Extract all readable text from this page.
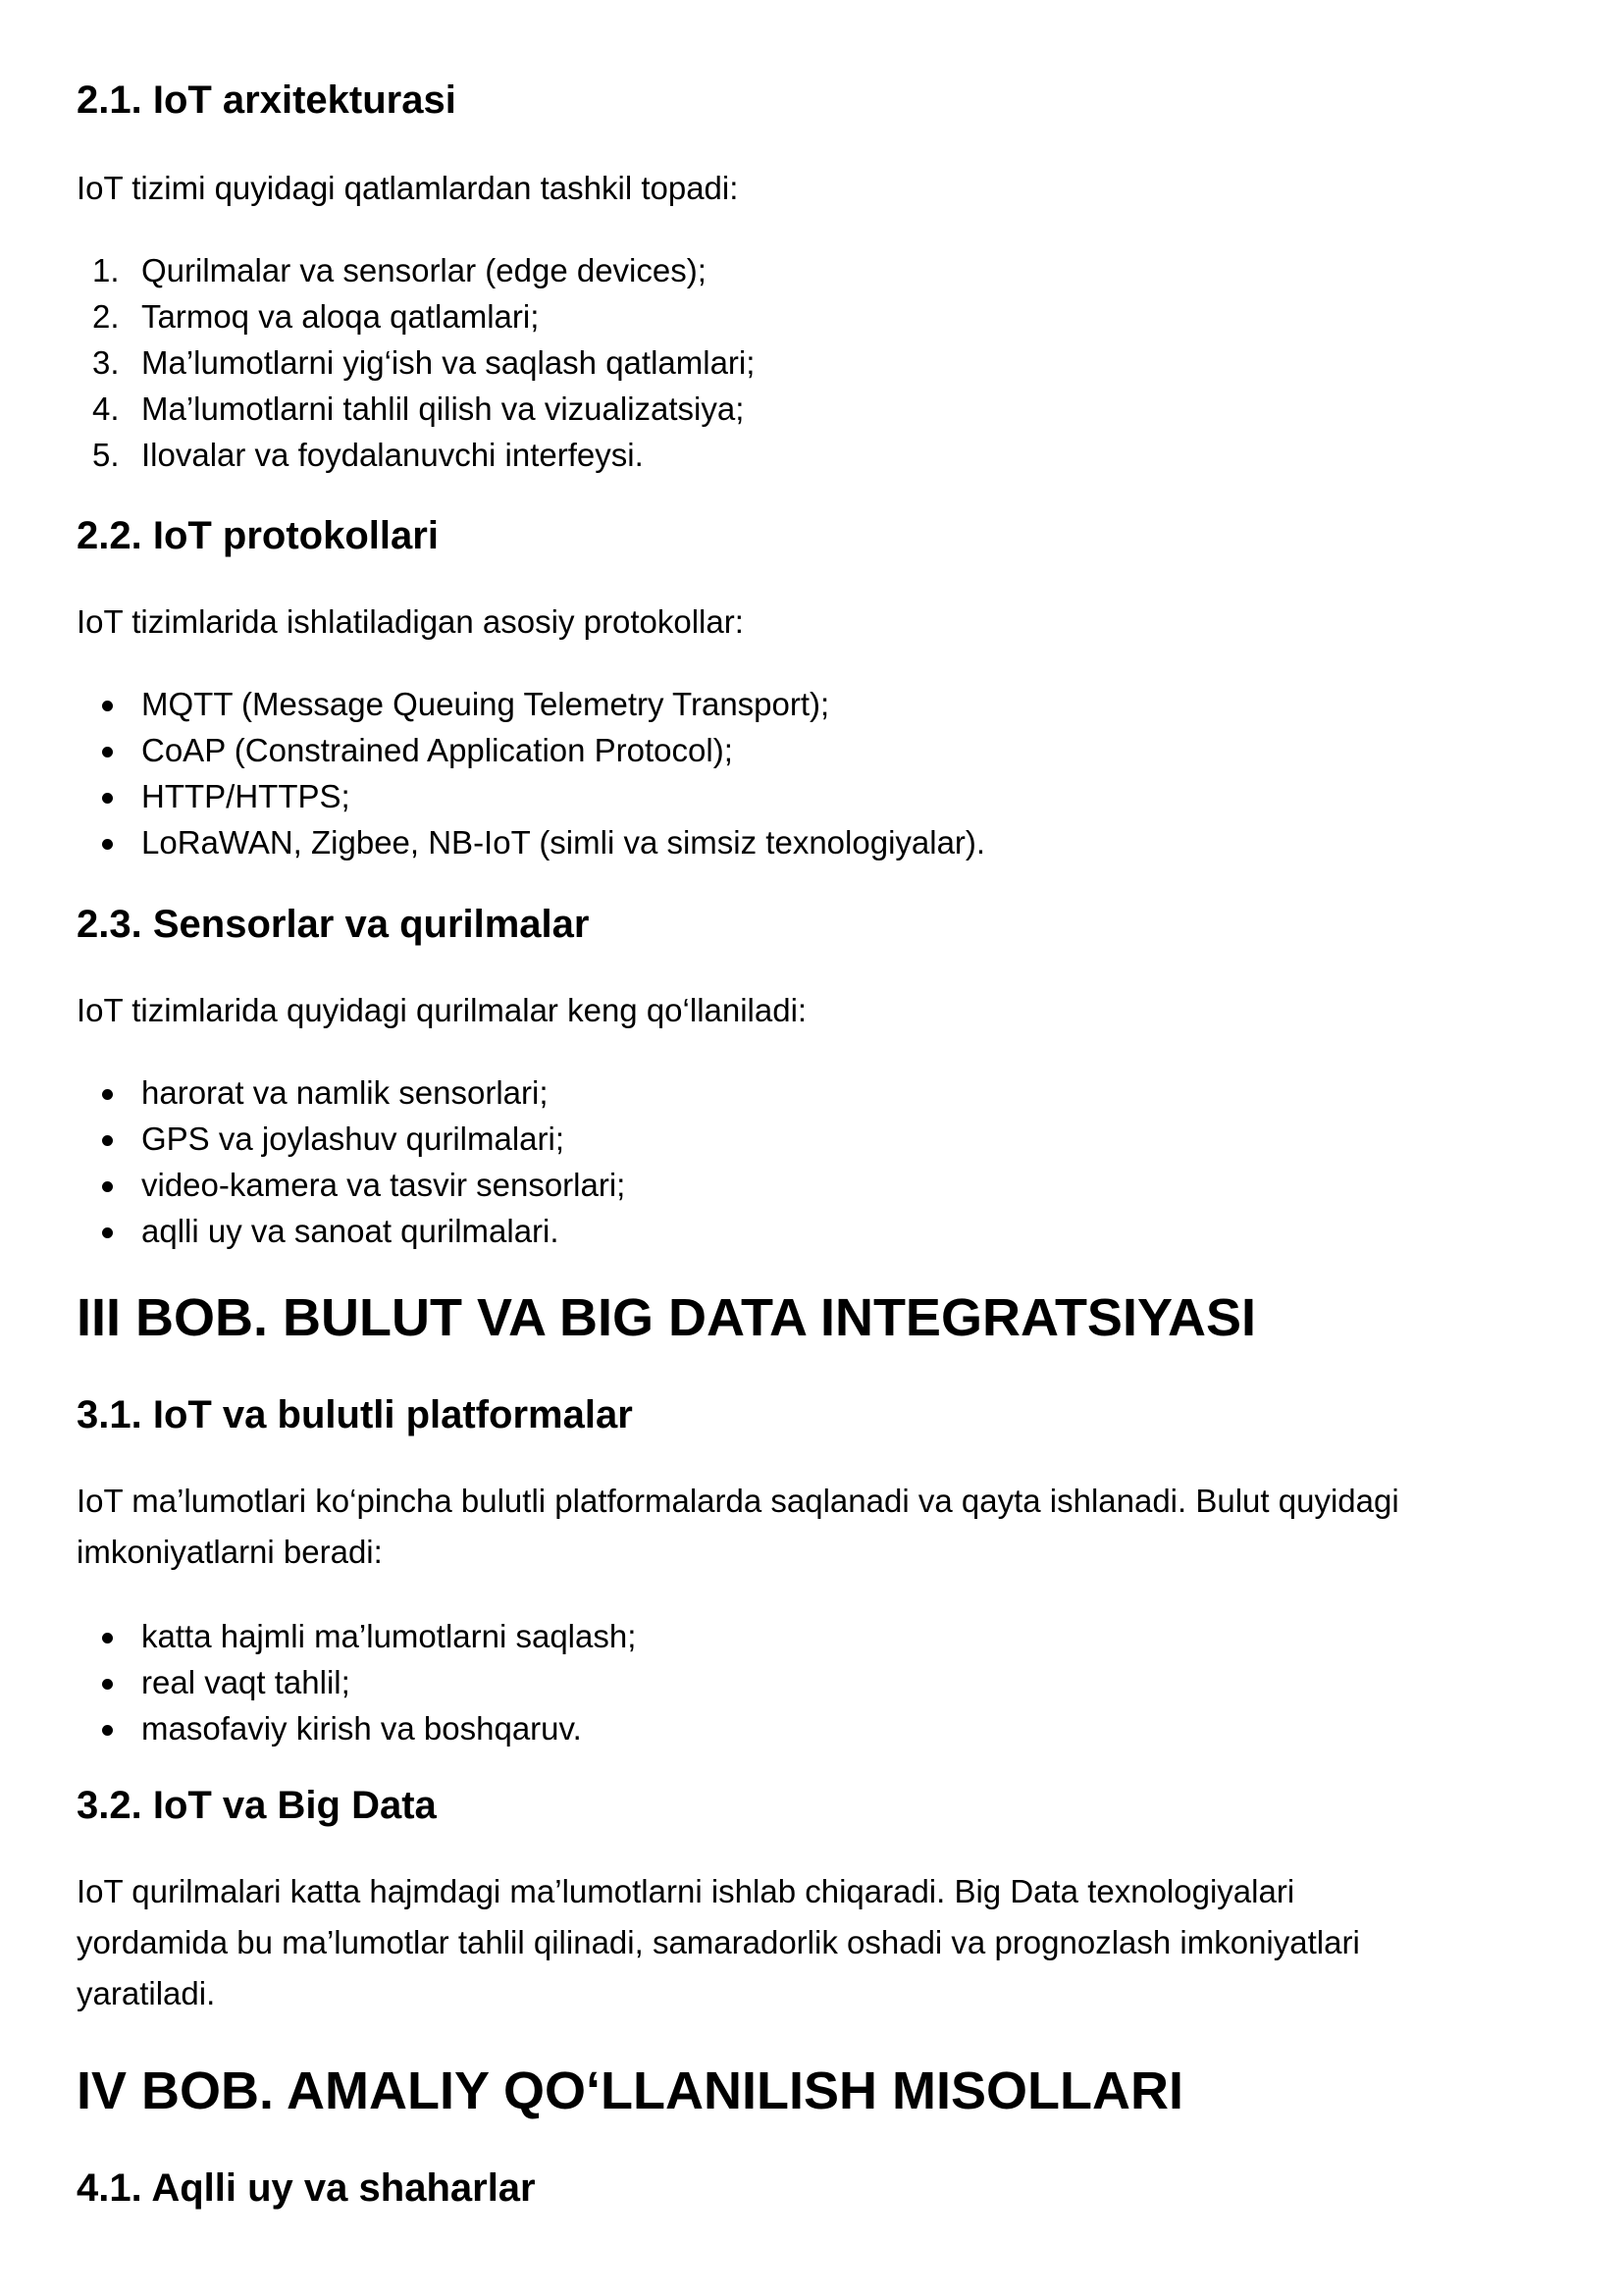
2.1. IoT arxitekturasi

IoT tizimi quyidagi qatlamlardan tashkil topadi:

1. Qurilmalar va sensorlar (edge devices);
2. Tarmoq va aloqa qatlamlari;
3. Ma’lumotlarni yig‘ish va saqlash qatlamlari;
4. Ma’lumotlarni tahlil qilish va vizualizatsiya;
5. Ilovalar va foydalanuvchi interfeysi.
2.2. IoT protokollari

IoT tizimlarida ishlatiladigan asosiy protokollar:

MQTT (Message Queuing Telemetry Transport);
CoAP (Constrained Application Protocol);
HTTP/HTTPS;
LoRaWAN, Zigbee, NB-IoT (simli va simsiz texnologiyalar).
2.3. Sensorlar va qurilmalar

IoT tizimlarida quyidagi qurilmalar keng qo‘llaniladi:

harorat va namlik sensorlari;
GPS va joylashuv qurilmalari;
video-kamera va tasvir sensorlari;
aqlli uy va sanoat qurilmalari.
III BOB. BULUT VA BIG DATA INTEGRATSIYASI
3.1. IoT va bulutli platformalar

IoT ma’lumotlari ko‘pincha bulutli platformalarda saqlanadi va qayta ishlanadi. Bulut quyidagi
imkoniyatlarni beradi:

katta hajmli ma’lumotlarni saqlash;
real vaqt tahlil;
masofaviy kirish va boshqaruv.
3.2. IoT va Big Data

IoT qurilmalari katta hajmdagi ma’lumotlarni ishlab chiqaradi. Big Data texnologiyalari
yordamida bu ma’lumotlar tahlil qilinadi, samaradorlik oshadi va prognozlash imkoniyatlari
yaratiladi.

IV BOB. AMALIY QO‘LLANILISH MISOLLARI
4.1. Aqlli uy va shaharlar
